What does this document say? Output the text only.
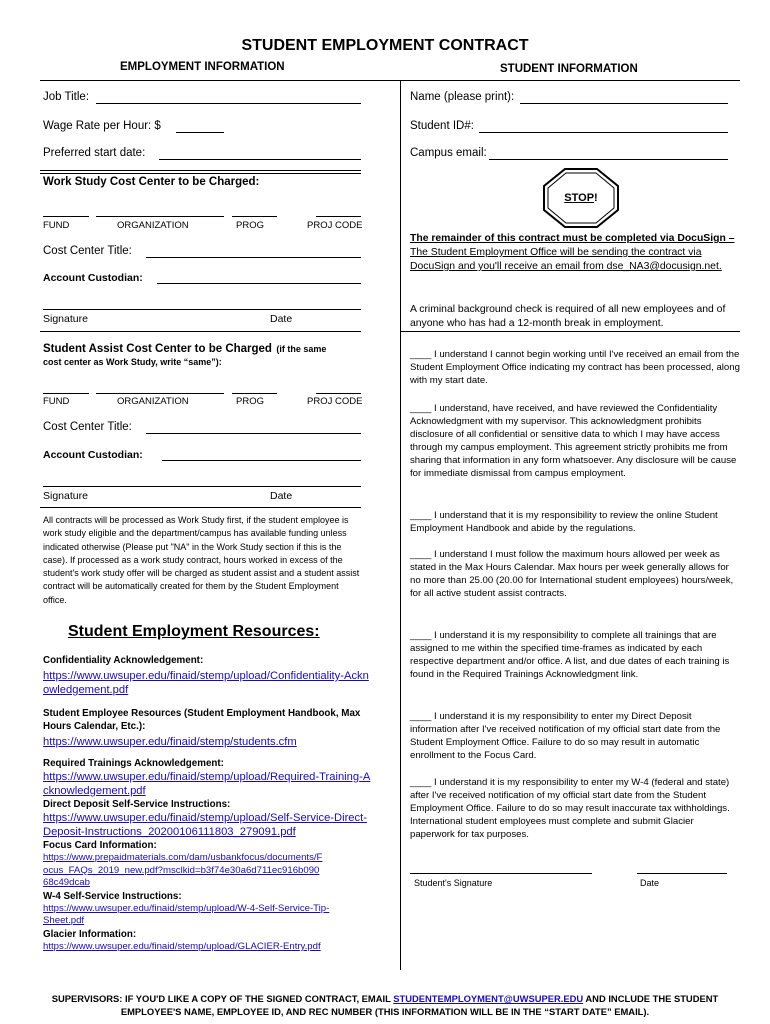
STUDENT EMPLOYMENT CONTRACT
EMPLOYMENT INFORMATION	STUDENT INFORMATION
Job Title:
Wage Rate per Hour: $
Preferred start date:
Work Study Cost Center to be Charged:
FUND	ORGANIZATION	PROG	PROJ CODE
Cost Center Title:
Account Custodian:
Signature	Date
Student Assist Cost Center to be Charged (if the same
cost center as Work Study, write “same”):
FUND	ORGANIZATION	PROG	PROJ CODE
Cost Center Title:
Account Custodian:
Signature	Date
All contracts will be processed as Work Study first, if the student employee is work study eligible and the department/campus has available funding unless indicated otherwise (Please put "NA" in the Work Study section if this is the case). If processed as a work study contract, hours worked in excess of the student's work study offer will be charged as student assist and a student assist contract will be automatically created for them by the Student Employment office.
Student Employment Resources:
Confidentiality Acknowledgement:
https://www.uwsuper.edu/finaid/stemp/upload/Confidentiality-Acknowledgement.pdf
Student Employee Resources (Student Employment Handbook, Max Hours Calendar, Etc.):
https://www.uwsuper.edu/finaid/stemp/students.cfm
Required Trainings Acknowledgement:
https://www.uwsuper.edu/finaid/stemp/upload/Required-Training-Acknowledgement.pdf
Direct Deposit Self-Service Instructions:
https://www.uwsuper.edu/finaid/stemp/upload/Self-Service-Direct-Deposit-Instructions_20200106111803_279091.pdf
Focus Card Information:
https://www.prepaidmaterials.com/dam/usbankfocus/documents/Focus_FAQs_2019_new.pdf?msclkid=b3f74e30a6d711ec916b09068c49dcab
W-4 Self-Service Instructions:
https://www.uwsuper.edu/finaid/stemp/upload/W-4-Self-Service-Tip-Sheet.pdf
Glacier Information:
https://www.uwsuper.edu/finaid/stemp/upload/GLACIER-Entry.pdf
Name (please print):
Student ID#:
Campus email:
STOP!
The remainder of this contract must be completed via DocuSign – The Student Employment Office will be sending the contract via DocuSign and you'll receive an email from dse_NA3@docusign.net.
A criminal background check is required of all new employees and of anyone who has had a 12-month break in employment.
____ I understand I cannot begin working until I've received an email from the Student Employment Office indicating my contract has been processed, along with my start date.
____ I understand, have received, and have reviewed the Confidentiality Acknowledgment with my supervisor. This acknowledgment prohibits disclosure of all confidential or sensitive data to which I may have access through my campus employment. This agreement strictly prohibits me from sharing that information in any form whatsoever. Any disclosure will be cause for immediate dismissal from campus employment.
____ I understand that it is my responsibility to review the online Student Employment Handbook and abide by the regulations.
____ I understand I must follow the maximum hours allowed per week as stated in the Max Hours Calendar. Max hours per week generally allows for no more than 25.00 (20.00 for International student employees) hours/week, for all active student assist contracts.
____ I understand it is my responsibility to complete all trainings that are assigned to me within the specified time-frames as indicated by each respective department and/or office. A list, and due dates of each training is found in the Required Trainings Acknowledgment link.
____ I understand it is my responsibility to enter my Direct Deposit information after I've received notification of my official start date from the Student Employment Office. Failure to do so may result in automatic enrollment to the Focus Card.
____ I understand it is my responsibility to enter my W-4 (federal and state) after I've received notification of my official start date from the Student Employment Office. Failure to do so may result inaccurate tax withholdings. International student employees must complete and submit Glacier paperwork for tax purposes.
Student's Signature	Date
SUPERVISORS: IF YOU'D LIKE A COPY OF THE SIGNED CONTRACT, EMAIL STUDENTEMPLOYMENT@UWSUPER.EDU AND INCLUDE THE STUDENT EMPLOYEE'S NAME, EMPLOYEE ID, AND REC NUMBER (THIS INFORMATION WILL BE IN THE “START DATE” EMAIL).
